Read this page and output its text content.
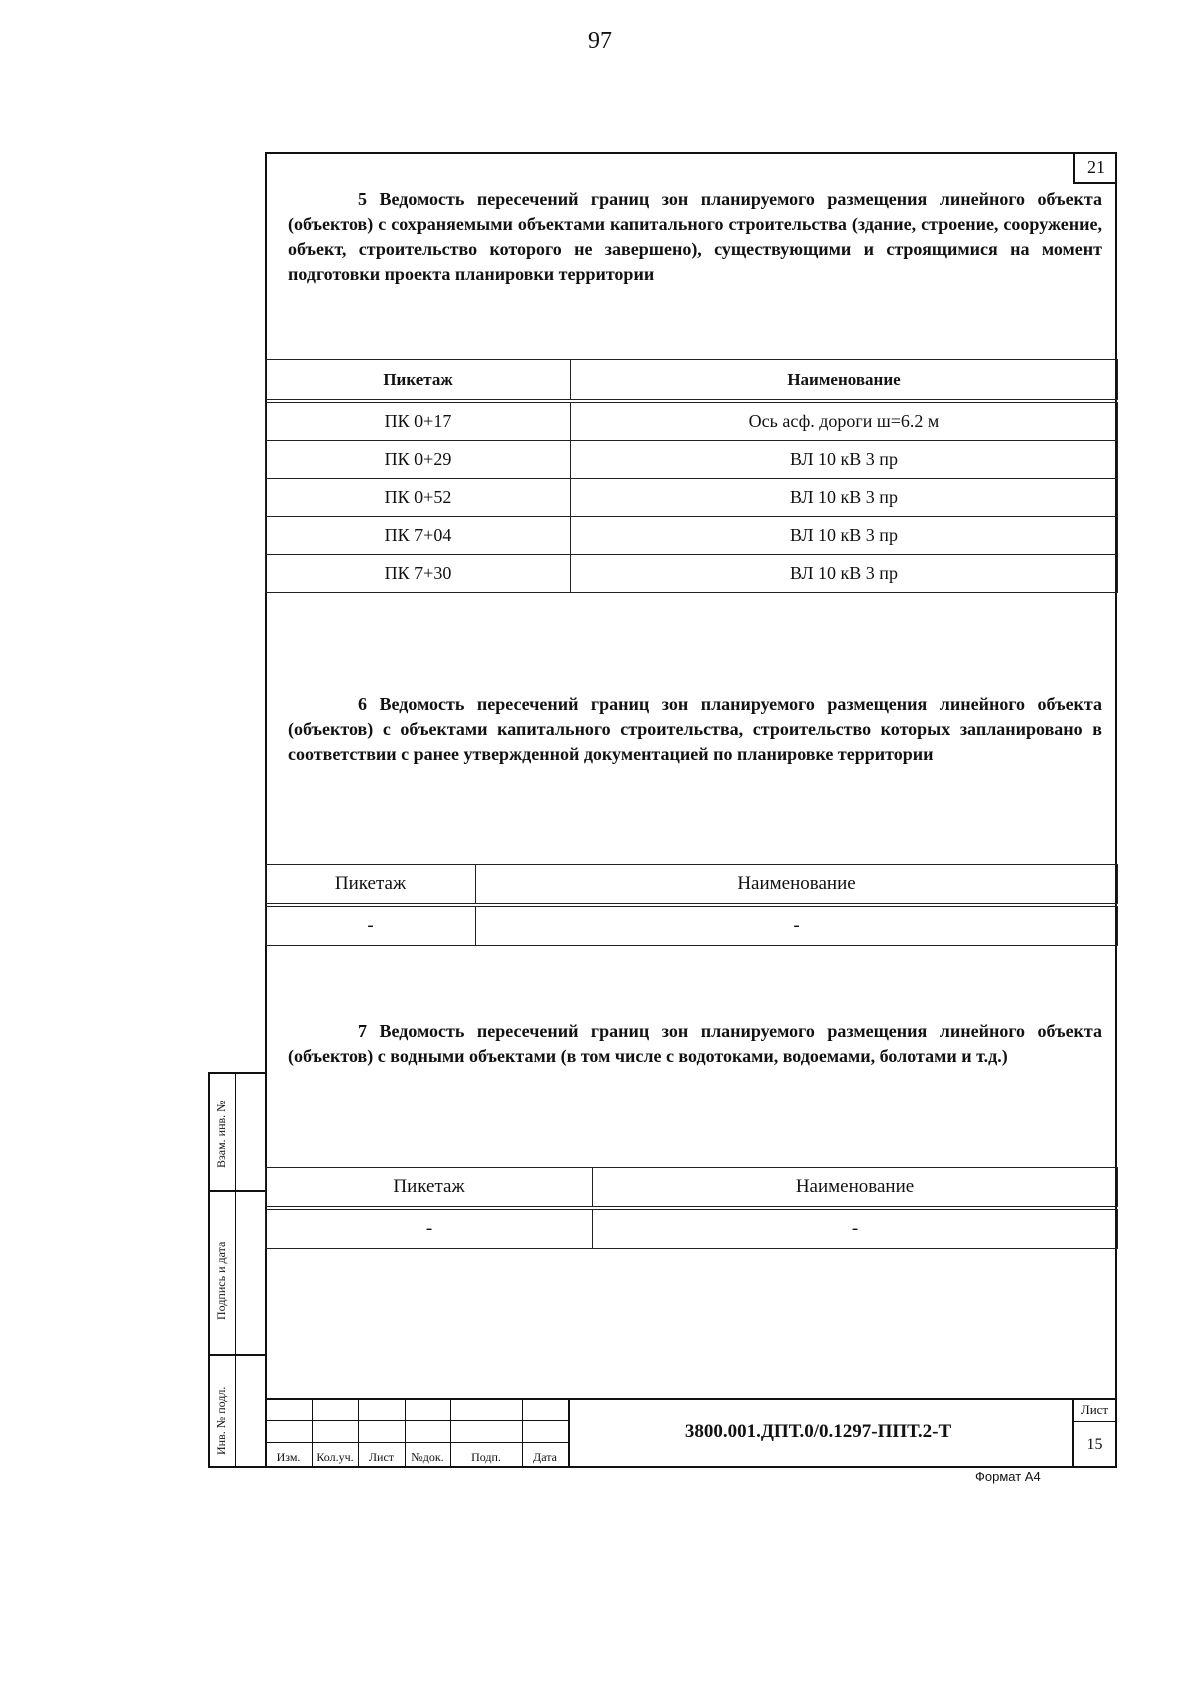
97
21
5 Ведомость пересечений границ зон планируемого размещения линейного объекта (объектов) с сохраняемыми объектами капитального строительства (здание, строение, сооружение, объект, строительство которого не завершено), существующими и строящимися на момент подготовки проекта планировки территории
Пикетаж	Наименование
ПК 0+17	Ось асф. дороги ш=6.2 м
ПК 0+29	ВЛ 10 кВ 3 пр
ПК 0+52	ВЛ 10 кВ 3 пр
ПК 7+04	ВЛ 10 кВ 3 пр
ПК 7+30	ВЛ 10 кВ 3 пр
6 Ведомость пересечений границ зон планируемого размещения линейного объекта (объектов) с объектами капитального строительства, строительство которых запланировано в соответствии с ранее утвержденной документацией по планировке территории
Пикетаж	Наименование
-	-
7 Ведомость пересечений границ зон планируемого размещения линейного объекта (объектов) с водными объектами (в том числе с водотоками, водоемами, болотами и т.д.)
Пикетаж	Наименование
-	-
Взам. инв. №
Подпись и дата
Инв. № подл.
Изм.	Кол.уч.	Лист	№док.	Подп.	Дата
3800.001.ДПТ.0/0.1297-ППТ.2-Т
Лист
15
Формат А4
